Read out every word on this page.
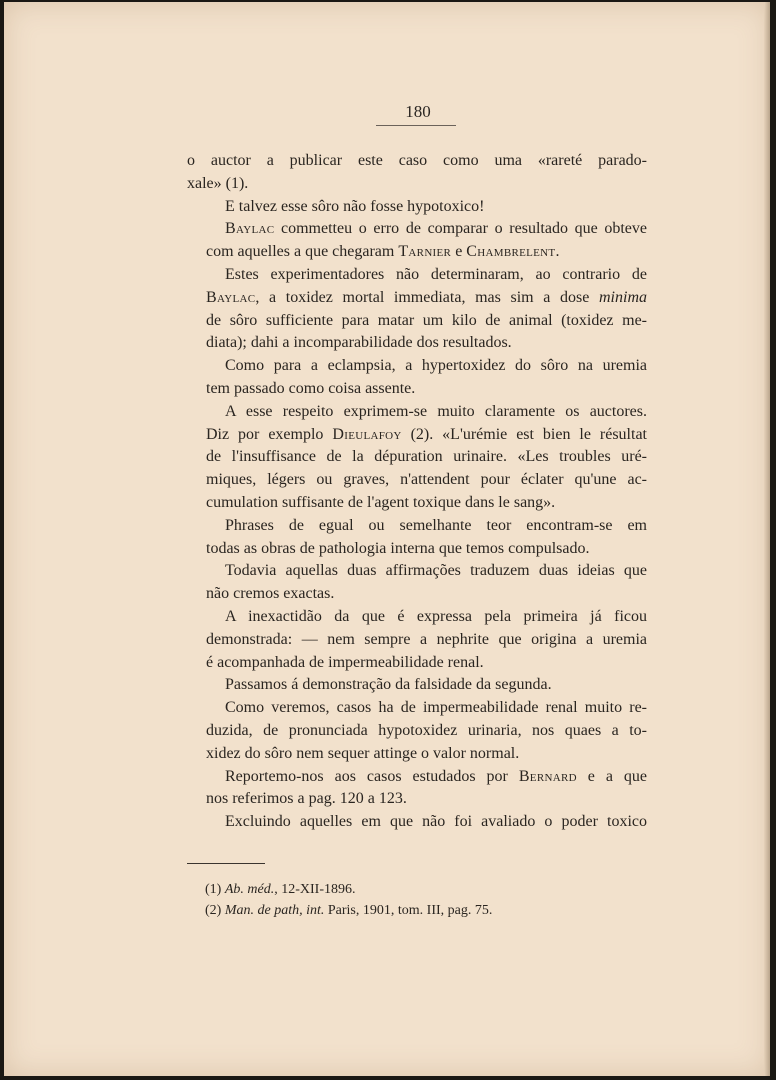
180
o auctor a publicar este caso como uma «rareté parado-
xale» (1).
E talvez esse sôro não fosse hypotoxico!
Baylac commetteu o erro de comparar o resultado que obteve
com aquelles a que chegaram Tarnier e Chambrelent.
Estes experimentadores não determinaram, ao contrario de
Baylac, a toxidez mortal immediata, mas sim a dose minima
de sôro sufficiente para matar um kilo de animal (toxidez me-
diata); dahi a incomparabilidade dos resultados.
Como para a eclampsia, a hypertoxidez do sôro na uremia
tem passado como coisa assente.
A esse respeito exprimem-se muito claramente os auctores.
Diz por exemplo Dieulafoy (2). «L'urémie est bien le résultat
de l'insuffisance de la dépuration urinaire. «Les troubles uré-
miques, légers ou graves, n'attendent pour éclater qu'une ac-
cumulation suffisante de l'agent toxique dans le sang».
Phrases de egual ou semelhante teor encontram-se em
todas as obras de pathologia interna que temos compulsado.
Todavia aquellas duas affirmações traduzem duas ideias que
não cremos exactas.
A inexactidão da que é expressa pela primeira já ficou
demonstrada: — nem sempre a nephrite que origina a uremia
é acompanhada de impermeabilidade renal.
Passamos á demonstração da falsidade da segunda.
Como veremos, casos ha de impermeabilidade renal muito re-
duzida, de pronunciada hypotoxidez urinaria, nos quaes a to-
xidez do sôro nem sequer attinge o valor normal.
Reportemo-nos aos casos estudados por Bernard e a que
nos referimos a pag. 120 a 123.
Excluindo aquelles em que não foi avaliado o poder toxico
(1) Ab. méd., 12-XII-1896.
(2) Man. de path, int. Paris, 1901, tom. III, pag. 75.
